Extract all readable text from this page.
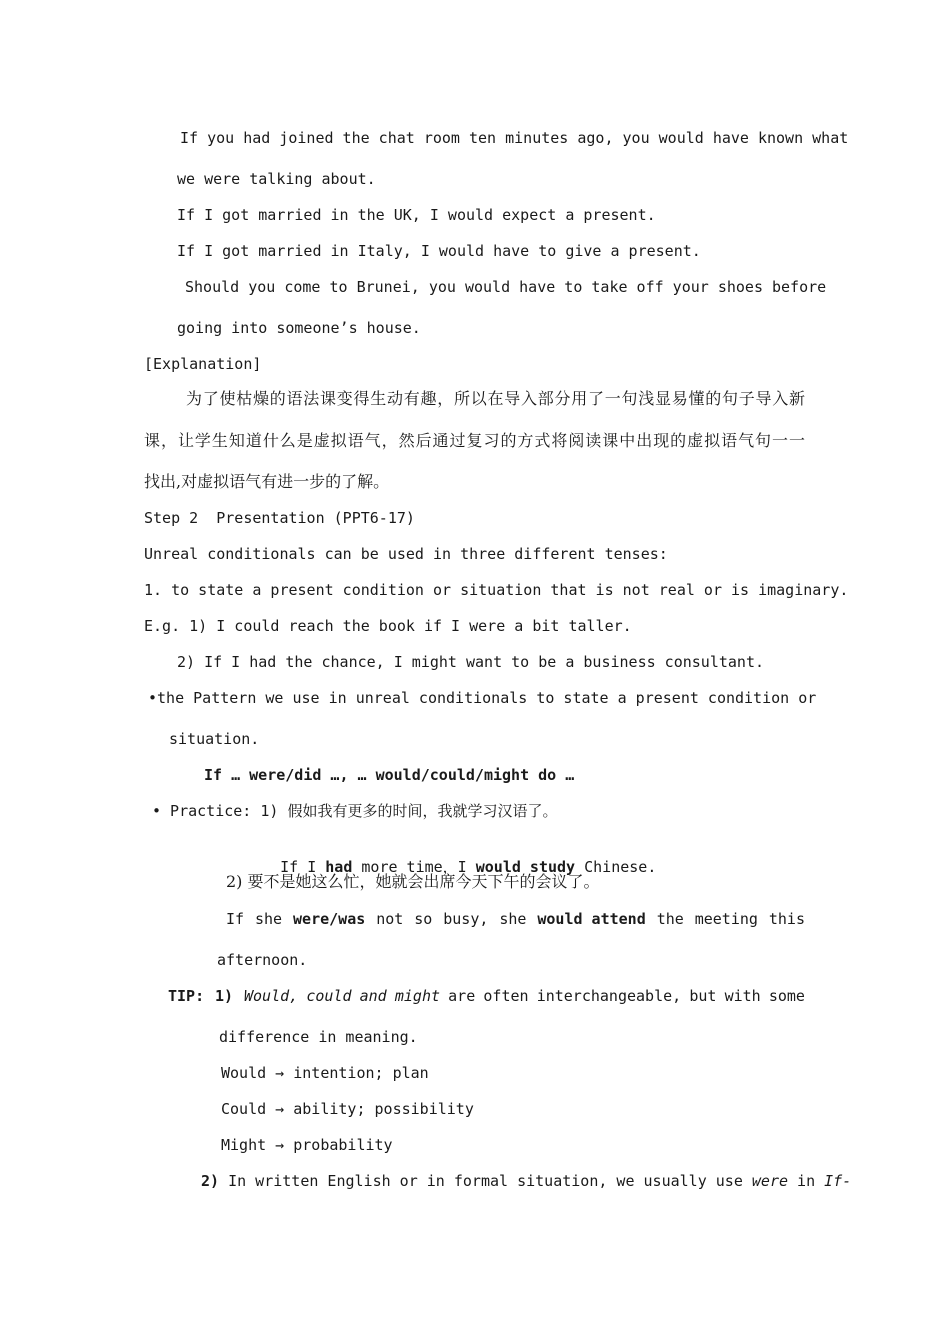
If you had joined the chat room ten minutes ago, you would have known what
we were talking about.
If I got married in the UK, I would expect a present.
If I got married in Italy, I would have to give a present.
Should you come to Brunei, you would have to take off your shoes before
going into someone’s house.
[Explanation]
为了使枯燥的语法课变得生动有趣，所以在导入部分用了一句浅显易懂的句子导入新
课，让学生知道什么是虚拟语气，然后通过复习的方式将阅读课中出现的虚拟语气句一一
找出,对虚拟语气有进一步的了解。
Step 2  Presentation (PPT6-17)
Unreal conditionals can be used in three different tenses:
1. to state a present condition or situation that is not real or is imaginary.
E.g. 1) I could reach the book if I were a bit taller.
2) If I had the chance, I might want to be a business consultant.
•the Pattern we use in unreal conditionals to state a present condition or
situation.
If … were/did …, … would/could/might do …
• Practice: 1) 假如我有更多的时间，我就学习汉语了。

If I had more time，I would study Chinese.

2) 要不是她这么忙，她就会出席今天下午的会议了。
If she were/was not so busy, she would attend the meeting this
afternoon.
TIP: 1) Would, could and might are often interchangeable, but with some
difference in meaning.
Would → intention; plan
Could → ability; possibility
Might → probability
2) In written English or in formal situation, we usually use were in If-
